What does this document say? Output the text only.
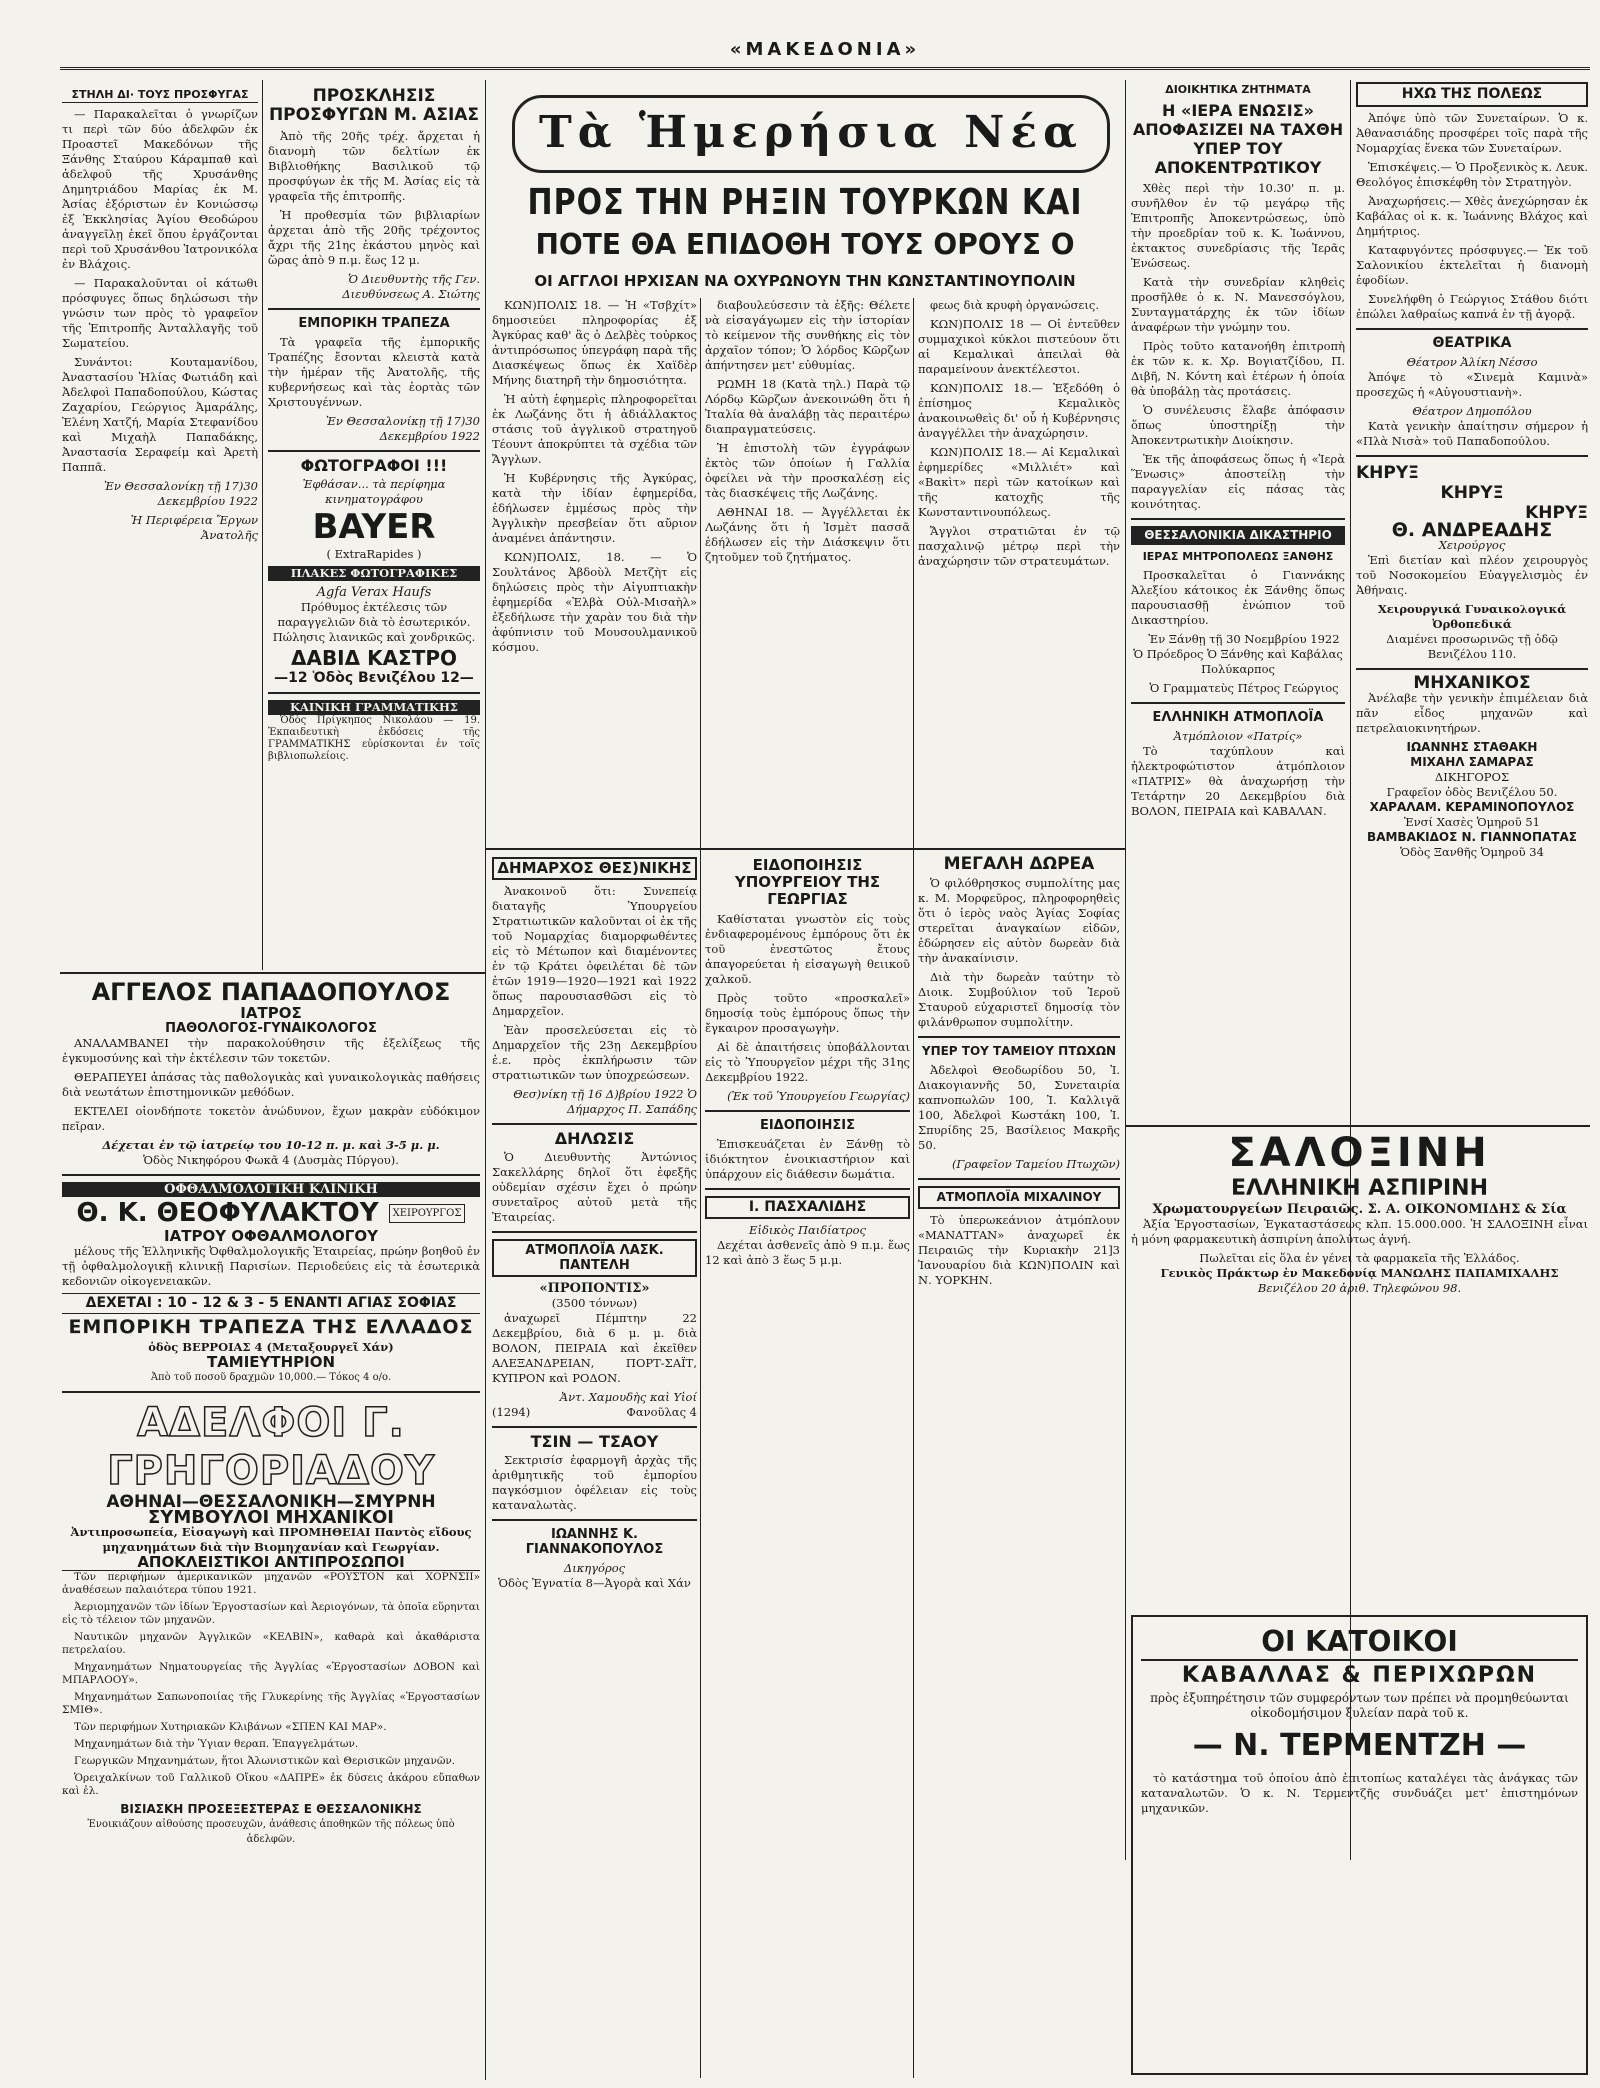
«ΜΑΚΕΔΟΝΙΑ»
ΣΤΗΛΗ ΔΙ· ΤΟΥΣ ΠΡΟΣΦΥΓΑΣ

— Παρακαλεῖται ὁ γνωρίζων τι περὶ τῶν δύο ἀδελφῶν ἐκ Προαστεῖ Μακεδόνων τῆς Ξάνθης Σταύρου Κάραμπαθ καὶ ἀδελφοῦ τῆς Χρυσάνθης Δημητριάδου Μαρίας ἐκ Μ. Ἀσίας ἐξόριστων ἐν Κονιώσσῳ ἐξ Ἐκκλησίας Ἀγίου Θεοδώρου ἀναγγεῖλῃ ἐκεῖ ὅπου ἐργάζονται περὶ τοῦ Χρυσάνθου Ἰατρονικόλα ἐν Βλάχοις.

— Παρακαλοῦνται οἱ κάτωθι πρόσφυγες ὅπως δηλώσωσι τὴν γνώσιν των πρὸς τὸ γραφεῖον τῆς Ἐπιτροπῆς Ἀνταλλαγῆς τοῦ Σωματείου.

Συνάντοι: Κουταμανίδου, Ἀναστασίου Ἠλίας Φωτιάδη καὶ Ἀδελφοὶ Παπαδοπούλου, Κώστας Ζαχαρίου, Γεώργιος Ἀμαράλης, Ἐλένη Χατζή, Μαρία Στεφανίδου καὶ Μιχαὴλ Παπαδάκης, Ἀναστασία Σεραφείμ καὶ Ἀρετὴ Παππᾶ.

Ἐν Θεσσαλονίκῃ τῇ 17)30 Δεκεμβρίου 1922

Ἡ Περιφέρεια Ἔργων Ἀνατολῆς

ΠΡΟΣΚΛΗΣΙΣ ΠΡΟΣΦΥΓΩΝ Μ. ΑΣΙΑΣ

Ἀπὸ τῆς 20ῆς τρέχ. ἄρχεται ἡ διανομὴ τῶν δελτίων ἐκ Βιβλιοθήκης Βασιλικοῦ τῷ προσφύγων ἐκ τῆς Μ. Ἀσίας εἰς τὰ γραφεῖα τῆς ἐπιτροπῆς.

Ἡ προθεσμία τῶν βιβλιαρίων ἀρχεται ἀπὸ τῆς 20ῆς τρέχοντος ἄχρι τῆς 21ης ἐκάστου μηνὸς καὶ ὥρας ἀπὸ 9 π.μ. ἕως 12 μ.

Ὁ Διευθυντὴς τῆς Γεν. Διευθύνσεως Α. Σιώτης

ΕΜΠΟΡΙΚΗ ΤΡΑΠΕΖΑ

Τὰ γραφεῖα τῆς ἐμπορικῆς Τραπέζης ἔσονται κλειστὰ κατὰ τὴν ἡμέραν τῆς Ἀνατολῆς, τῆς κυβερνήσεως καὶ τὰς ἑορτὰς τῶν Χριστουγέννων.

Ἐν Θεσσαλονίκῃ τῇ 17)30 Δεκεμβρίου 1922

ΦΩΤΟΓΡΑΦΟΙ !!!
Ἐφθάσαν... τὰ περίφημα κινηματογράφου
BAYER
( ExtraRapides )
ΠΛΑΚΕΣ ΦΩΤΟΓΡΑΦΙΚΕΣ
Agfa Verax Haufs
Πρόθυμος ἐκτέλεσις τῶν παραγγελιῶν διὰ τὸ ἐσωτερικόν. Πώλησις λιανικῶς καὶ χονδρικῶς.
ΔΑΒΙΔ ΚΑΣΤΡΟ
—12 Ὁδὸς Βενιζέλου 12—
ΚΑΙΝΙΚΗ ΓΡΑΜΜΑΤΙΚΗΣ

Ὁδὸς Πρίγκηπος Νικολάου — 19. Ἐκπαιδευτικὴ ἐκδόσεις τῆς ΓΡΑΜΜΑΤΙΚΗΣ εὑρίσκονται ἐν τοῖς βιβλιοπωλείοις.

Τὰ Ἡμερήσια Νέα
ΠΡΟΣ ΤΗΝ ΡΗΞΙΝ ΤΟΥΡΚΩΝ ΚΑΙ
ΠΟΤΕ ΘΑ ΕΠΙΔΟΘΗ ΤΟΥΣ ΟΡΟΥΣ Ο
ΟΙ ΑΓΓΛΟΙ ΗΡΧΙΣΑΝ ΝΑ ΟΧΥΡΩΝΟΥΝ ΤΗΝ ΚΩΝΣΤΑΝΤΙΝΟΥΠΟΛΙΝ

ΚΩΝ)ΠΟΛΙΣ 18. — Ἡ «Τσβχίτ» δημοσιεύει πληροφορίας ἐξ Ἀγκύρας καθ' ἃς ὁ Δελβὲς τοὐρκος ἀντιπρόσωπος ὑπεγράφη παρὰ τῆς Διασκέψεως ὅπως ἐκ Χαϊδὲρ Μήνης διατηρῆ τὴν δημοσιότητα.

Ἡ αὐτὴ ἐφημερὶς πληροφορεῖται ἐκ Λωζάνης ὅτι ἡ ἀδιάλλακτος στάσις τοῦ ἀγγλικοῦ στρατηγοῦ Τέουντ ἀποκρύπτει τὰ σχέδια τῶν Ἄγγλων.

Ἡ Κυβέρνησις τῆς Ἀγκύρας, κατὰ τὴν ἰδίαν ἐφημερίδα, ἐδήλωσεν ἐμμέσως πρὸς τὴν Ἀγγλικὴν πρεσβείαν ὅτι αὔριον ἀναμένει ἀπάντησιν.

ΚΩΝ)ΠΟΛΙΣ, 18. — Ὁ Σουλτάνος Ἀβδοὺλ Μετζὴτ εἰς δηλώσεις πρὸς τὴν Αἰγυπτιακὴν ἐφημερίδα «Ἐλβὰ Οὐλ-Μισαὴλ» ἐξεδήλωσε τὴν χαρὰν του διὰ τὴν ἀφύπνισιν τοῦ Μουσουλμανικοῦ κόσμου.

διαβουλεύσεσιν τὰ ἑξῆς: Θέλετε νὰ εἰσαγάγωμεν εἰς τὴν ἱστορίαν τὸ κείμενον τῆς συνθήκης εἰς τὸν ἀρχαῖον τόπον; Ὁ λόρδος Κῶρζων ἀπήντησεν μετ' εὐθυμίας.

ΡΩΜΗ 18 (Κατὰ τηλ.) Παρὰ τῷ Λόρδῳ Κῶρζων ἀνεκοινώθη ὅτι ἡ Ἰταλία θὰ ἀναλάβῃ τὰς περαιτέρω διαπραγματεύσεις.

Ἡ ἐπιστολὴ τῶν ἐγγράφων ἐκτὸς τῶν ὁποίων ἡ Γαλλία ὀφείλει νὰ τὴν προσκαλέσῃ εἰς τὰς διασκέψεις τῆς Λωζάνης.

ΑΘΗΝΑΙ 18. — Ἀγγέλλεται ἐκ Λωζάνης ὅτι ἡ Ἰσμὲτ πασσᾶ ἐδήλωσεν εἰς τὴν Διάσκεψιν ὅτι ζητοῦμεν τοῦ ζητήματος.

φεως διὰ κρυφὴ ὀργανώσεις.

ΚΩΝ)ΠΟΛΙΣ 18 — Οἱ ἐντεῦθεν συμμαχικοὶ κύκλοι πιστεύουν ὅτι αἱ Κεμαλικαὶ ἀπειλαὶ θὰ παραμείνουν ἀνεκτέλεστοι.

ΚΩΝ)ΠΟΛΙΣ 18.— Ἐξεδόθη ὁ ἐπίσημος Κεμαλικὸς ἀνακοινωθεὶς δι' οὗ ἡ Κυβέρνησις ἀναγγέλλει τὴν ἀναχώρησιν.

ΚΩΝ)ΠΟΛΙΣ 18.— Αἱ Κεμαλικαὶ ἐφημερίδες «Μιλλιέτ» καὶ «Βακὶτ» περὶ τῶν κατοίκων καὶ τῆς κατοχῆς τῆς Κωνσταντινουπόλεως.

Ἄγγλοι στρατιῶται ἐν τῷ πασχαλινῷ μέτρῳ περὶ τὴν ἀναχώρησιν τῶν στρατευμάτων.

ΔΗΜΑΡΧΟΣ ΘΕΣ)ΝΙΚΗΣ

Ἀνακοινοῦ ὅτι: Συνεπείᾳ διαταγῆς Ὑπουργείου Στρατιωτικῶν καλοῦνται οἱ ἐκ τῆς τοῦ Νομαρχίας διαμορφωθέντες εἰς τὸ Μέτωπον καὶ διαμένοντες ἐν τῷ Κράτει ὀφειλέται δὲ τῶν ἐτῶν 1919—1920—1921 καὶ 1922 ὅπως παρουσιασθῶσι εἰς τὸ Δημαρχεῖον.

Ἐὰν προσελεύσεται εἰς τὸ Δημαρχεῖον τῆς 23ῃ Δεκεμβρίου ἐ.ε. πρὸς ἐκπλήρωσιν τῶν στρατιωτικῶν των ὑποχρεώσεων.

Θεσ)νίκη τῇ 16 Δ)βρίου 1922 Ὁ Δήμαρχος Π. Σαπάδης

ΔΗΛΩΣΙΣ

Ὁ Διευθυντὴς Ἀντώνιος Σακελλάρης δηλοῖ ὅτι ἐφεξῆς οὐδεμίαν σχέσιν ἔχει ὁ πρώην συνεταῖρος αὐτοῦ μετὰ τῆς Ἑταιρείας.

ΑΤΜΟΠΛΟΪΑ ΛΑΣΚ. ΠΑΝΤΕΛΗ
«ΠΡΟΠΟΝΤΙΣ»
(3500 τόννων)

ἀναχωρεῖ Πέμπτην 22 Δεκεμβρίου, διὰ 6 μ. μ. διὰ ΒΟΛΟΝ, ΠΕΙΡΑΙΑ καὶ ἐκεῖθεν ΑΛΕΞΑΝΔΡΕΙΑΝ, ΠΟΡΤ-ΣΑΪΤ, ΚΥΠΡΟΝ καὶ ΡΟΔΟΝ.

Ἀντ. Χαμουδὴς καὶ Υἱοί
(1294)	Φανοῦλας 4
ΤΣΙΝ — ΤΣΑΟΥ

Σεκτρισίσ ἐφαρμογῆ ἀρχὰς τῆς ἀριθμητικῆς τοῦ ἐμπορίου παγκόσμιον ὀφέλειαν εἰς τοὺς καταναλωτὰς.

ΙΩΑΝΝΗΣ Κ. ΓΙΑΝΝΑΚΟΠΟΥΛΟΣ
Δικηγόρος
Ὁδὸς Ἐγνατία 8—Ἀγορὰ καὶ Χάν
ΕΙΔΟΠΟΙΗΣΙΣ ΥΠΟΥΡΓΕΙΟΥ ΤΗΣ ΓΕΩΡΓΙΑΣ

Καθίσταται γνωστὸν εἰς τοὺς ἐνδιαφερομένους ἐμπόρους ὅτι ἐκ τοῦ ἐνεστῶτος ἔτους ἀπαγορεύεται ἡ εἰσαγωγὴ θειικοῦ χαλκοῦ.

Πρὸς τοῦτο «προσκαλεῖ» δημοσίᾳ τοὺς ἐμπόρους ὅπως τὴν ἔγκαιρον προσαγωγὴν.

Αἱ δὲ ἀπαιτήσεις ὑποβάλλονται εἰς τὸ Ὑπουργεῖον μέχρι τῆς 31ης Δεκεμβρίου 1922.

(Ἐκ τοῦ Ὑπουργείου Γεωργίας)

ΕΙΔΟΠΟΙΗΣΙΣ

Ἐπισκευάζεται ἐν Ξάνθῃ τὸ ἰδιόκτητον ἐνοικιαστήριον καὶ ὑπάρχουν εἰς διάθεσιν δωμάτια.

Ι. ΠΑΣΧΑΛΙΔΗΣ
Εἰδικὸς Παιδίατρος

Δεχέται ἀσθενεῖς ἀπὸ 9 π.μ. ἕως 12 καὶ ἀπὸ 3 ἕως 5 μ.μ.

ΜΕΓΑΛΗ ΔΩΡΕΑ

Ὁ φιλόθρησκος συμπολίτης μας κ. Μ. Μορφεῦρος, πληροφορηθεὶς ὅτι ὁ ἱερὸς ναὸς Ἁγίας Σοφίας στερεῖται ἀναγκαίων εἰδῶν, ἐδώρησεν εἰς αὐτὸν δωρεὰν διὰ τὴν ἀνακαίνισιν.

Διὰ τὴν δωρεὰν ταύτην τὸ Διοικ. Συμβούλιον τοῦ Ἱεροῦ Σταυροῦ εὐχαριστεῖ δημοσίᾳ τὸν φιλάνθρωπον συμπολίτην.

ΥΠΕΡ ΤΟΥ ΤΑΜΕΙΟΥ ΠΤΩΧΩΝ

Ἀδελφοὶ Θεοδωρίδου 50, Ἰ. Διακογιαννῆς 50, Συνεταιρία καπνοπωλῶν 100, Ἰ. Καλλιγᾶ 100, Ἀδελφοὶ Κωστάκη 100, Ἰ. Σπυρίδης 25, Βασίλειος Μακρῆς 50.

(Γραφεῖον Ταμείου Πτωχῶν)

ΑΤΜΟΠΛΟΪΑ ΜΙΧΑΛΙΝΟΥ

Τὸ ὑπερωκεάνιον ἀτμόπλουν «ΜΑΝΑΤΤΑΝ» ἀναχωρεῖ ἐκ Πειραιῶς τὴν Κυριακὴν 21]3 Ἰανουαρίου διὰ ΚΩΝ)ΠΟΛΙΝ καὶ Ν. ΥΟΡΚΗΝ.

ΑΓΓΕΛΟΣ ΠΑΠΑΔΟΠΟΥΛΟΣ
ΙΑΤΡΟΣ
ΠΑΘΟΛΟΓΟΣ-ΓΥΝΑΙΚΟΛΟΓΟΣ

ΑΝΑΛΑΜΒΑΝΕΙ τὴν παρακολούθησιν τῆς ἐξελίξεως τῆς ἐγκυμοσύνης καὶ τὴν ἐκτέλεσιν τῶν τοκετῶν.

ΘΕΡΑΠΕΥΕΙ ἁπάσας τὰς παθολογικὰς καὶ γυναικολογικὰς παθήσεις διὰ νεωτάτων ἐπιστημονικῶν μεθόδων.

ΕΚΤΕΛΕΙ οἱονδήποτε τοκετὸν ἀνώδυνον, ἔχων μακρὰν εὐδόκιμον πεῖραν.

Δέχεται ἐν τῷ ἰατρείῳ του 10-12 π. μ. καὶ 3-5 μ. μ.
Ὁδὸς Νικηφόρου Φωκᾶ 4 (Δυσμὰς Πύργου).
ΟΦΘΑΛΜΟΛΟΓΙΚΗ ΚΛΙΝΙΚΗ
Θ. Κ. ΘΕΟΦΥΛΑΚΤΟΥ	ΧΕΙΡΟΥΡΓΟΣ
ΙΑΤΡΟΥ ΟΦΘΑΛΜΟΛΟΓΟΥ

μέλους τῆς Ἑλληνικῆς Ὀφθαλμολογικῆς Ἑταιρείας, πρώην βοηθοῦ ἐν τῇ ὀφθαλμολογικῇ κλινικῇ Παρισίων. Περιοδεύεις εἰς τὰ ἐσωτερικὰ κεδονιῶν οἰκογενειακῶν.

ΔΕΧΕΤΑΙ : 10 - 12 & 3 - 5 ΕΝΑΝΤΙ ΑΓΙΑΣ ΣΟΦΙΑΣ
ΕΜΠΟΡΙΚΗ ΤΡΑΠΕΖΑ ΤΗΣ ΕΛΛΑΔΟΣ
ὁδὸς ΒΕΡΡΟΙΑΣ 4 (Μεταξουργεῖ Χάν)
ΤΑΜΙΕΥΤΗΡΙΟΝ
Ἀπὸ τοῦ ποσοῦ δραχμῶν 10,000.— Τόκος 4 ο/ο.
ΑΔΕΛΦΟΙ Γ. ΓΡΗΓΟΡΙΑΔΟΥ
ΑΘΗΝΑΙ—ΘΕΣΣΑΛΟΝΙΚΗ—ΣΜΥΡΝΗ
ΣΥΜΒΟΥΛΟΙ ΜΗΧΑΝΙΚΟΙ
Ἀντιπροσωπεία, Εἰσαγωγὴ καὶ ΠΡΟΜΗΘΕΙΑΙ Παντὸς εἴδους μηχανημάτων διὰ τὴν Βιομηχανίαν καὶ Γεωργίαν.
ΑΠΟΚΛΕΙΣΤΙΚΟΙ ΑΝΤΙΠΡΟΣΩΠΟΙ

Τῶν περιφήμων ἀμερικανικῶν μηχανῶν «ΡΟΥΣΤΟΝ καὶ ΧΟΡΝΣΙΙ» ἀναθέσεων παλαιότερα τύπου 1921.

Ἀεριομηχανῶν τῶν ἰδίων Ἐργοστασίων καὶ Ἀεριογόνων, τὰ ὁποῖα εὕρηνται εἰς τὸ τέλειον τῶν μηχανῶν.

Ναυτικῶν μηχανῶν Ἀγγλικῶν «ΚΕΛΒΙΝ», καθαρὰ καὶ ἀκαθάριστα πετρελαίου.

Μηχανημάτων Νηματουργείας τῆς Ἀγγλίας «Ἐργοστασίων ΔΟΒΟΝ καὶ ΜΠΑΡΛΟΟΥ».

Μηχανημάτων Σαπωνοποιίας τῆς Γλυκερίνης τῆς Ἀγγλίας «Ἐργοστασίων ΣΜΙΘ».

Τῶν περιφήμων Χυτηριακῶν Κλιβάνων «ΣΠΕΝ ΚΑΙ ΜΑΡ».

Μηχανημάτων διὰ τὴν Ὑγιαν θεραπ. Ἐπαγγελμάτων.

Γεωργικῶν Μηχανημάτων, ἤτοι Ἀλωνιστικῶν καὶ Θερισικῶν μηχανῶν.

Ὁρειχαλκίνων τοῦ Γαλλικοῦ Οἴκου «ΔΑΠΡΕ» ἐκ δύσεις ἀκάρου εὔπαθων καὶ ἐλ.

ΒΙΣΙΑΣΚΗ ΠΡΟΣΕΞΕΣΤΕΡΑΣ Ε ΘΕΣΣΑΛΟΝΙΚΗΣ
Ἐνοικιάζουν αἰθούσης προσευχῶν, ἀνάθεσις ἀποθηκῶν τῆς πόλεως ὑπὸ ἀδελφῶν.
ΔΙΟΙΚΗΤΙΚΑ ΖΗΤΗΜΑΤΑ
Η «ΙΕΡΑ ΕΝΩΣΙΣ» ΑΠΟΦΑΣΙΖΕΙ ΝΑ ΤΑΧΘΗ ΥΠΕΡ ΤΟΥ ΑΠΟΚΕΝΤΡΩΤΙΚΟΥ

Χθὲς περὶ τὴν 10.30' π. μ. συνῆλθον ἐν τῷ μεγάρῳ τῆς Ἐπιτροπῆς Ἀποκεντρώσεως, ὑπὸ τὴν προεδρίαν τοῦ κ. Κ. Ἰωάννου, ἐκτακτος συνεδρίασις τῆς Ἱερᾶς Ἑνώσεως.

Κατὰ τὴν συνεδρίαν κληθεὶς προσῆλθε ὁ κ. Ν. Μανεσσόγλου, Συνταγματάρχης ἐκ τῶν ἰδίων ἀναφέρων τὴν γνώμην του.

Πρὸς τοῦτο κατανοήθη ἐπιτροπὴ ἐκ τῶν κ. κ. Χρ. Βογιατζίδου, Π. Διβῆ, Ν. Κόντη καὶ ἑτέρων ἡ ὁποία θὰ ὑποβάλῃ τὰς προτάσεις.

Ὁ συνέλευσις ἔλαβε ἀπόφασιν ὅπως ὑποστηρίξῃ τὴν Ἀποκεντρωτικὴν Διοίκησιν.

Ἐκ τῆς ἀποφάσεως ὅπως ἡ «Ἱερὰ Ἕνωσις» ἀποστείλῃ τὴν παραγγελίαν εἰς πάσας τὰς κοινότητας.

ΘΕΣΣΑΛΟΝΙΚΙΑ ΔΙΚΑΣΤΗΡΙΟ
ΙΕΡΑΣ ΜΗΤΡΟΠΟΛΕΩΣ ΞΑΝΘΗΣ

Προσκαλεῖται ὁ Γιαννάκης Ἀλεξίου κάτοικος ἐκ Ξάνθης ὅπως παρουσιασθῇ ἐνώπιον τοῦ Δικαστηρίου.

Ἐν Ξάνθῃ τῇ 30 Νοεμβρίου 1922 Ὁ Πρόεδρος Ὁ Ξάνθης καὶ Καβάλας Πολύκαρπος

Ὁ Γραμματεὺς Πέτρος Γεώργιος

ΕΛΛΗΝΙΚΗ ΑΤΜΟΠΛΟΪΑ
Ἀτμόπλοιον «Πατρίς»

Τὸ ταχύπλουν καὶ ἠλεκτροφώτιστον ἀτμόπλοιον «ΠΑΤΡΙΣ» θὰ ἀναχωρήσῃ τὴν Τετάρτην 20 Δεκεμβρίου διὰ ΒΟΛΟΝ, ΠΕΙΡΑΙΑ καὶ ΚΑΒΑΛΑΝ.

ΗΧΩ ΤΗΣ ΠΟΛΕΩΣ

Ἀπόψε ὑπὸ τῶν Συνεταίρων. Ὁ κ. Ἀθανασιάδης προσφέρει τοῖς παρὰ τῆς Νομαρχίας ἕνεκα τῶν Συνεταίρων.

Ἑπισκέψεις.— Ὁ Προξενικὸς κ. Λευκ. Θεολόγος ἐπισκέφθη τὸν Στρατηγὸν.

Ἀναχωρήσεις.— Χθὲς ἀνεχώρησαν ἐκ Καβάλας οἱ κ. κ. Ἰωάννης Βλάχος καὶ Δημήτριος.

Καταφυγόντες πρόσφυγες.— Ἐκ τοῦ Σαλονικίου ἐκτελεῖται ἡ διανομὴ ἐφοδίων.

Συνελήφθη ὁ Γεώργιος Στάθου διότι ἐπώλει λαθραίως καπνά ἐν τῇ ἀγορᾷ.

ΘΕΑΤΡΙΚΑ
Θέατρον Ἀλίκη Νέσσο

Ἀπόψε τὸ «Σινεμὰ Καμινὰ» προσεχῶς ἡ «Αὐγουστιανὴ».

Θέατρον Δημοπόλου

Κατὰ γενικὴν ἀπαίτησιν σήμερον ἡ «Πλὰ Νισὰ» τοῦ Παπαδοπούλου.

ΚΗΡΥΞ
ΚΗΡΥΞ
ΚΗΡΥΞ
Θ. ΑΝΔΡΕΑΔΗΣ
Χειρούργος

Ἐπὶ διετίαν καὶ πλέον χειρουργὸς τοῦ Νοσοκομείου Εὐαγγελισμὸς ἐν Ἀθήναις.

Χειρουργικά Γυναικολογικά Ὀρθοπεδικά
Διαμένει προσωρινῶς τῇ ὁδῷ Βενιζέλου 110.
ΜΗΧΑΝΙΚΟΣ

Ἀνέλαβε τὴν γενικὴν ἐπιμέλειαν διὰ πᾶν εἶδος μηχανῶν καὶ πετρελαιοκινητήρων.

ΙΩΑΝΝΗΣ ΣΤΑΘΑΚΗ
ΜΙΧΑΗΛ ΣΑΜΑΡΑΣ
ΔΙΚΗΓΟΡΟΣ
Γραφεῖον ὁδὸς Βενιζέλου 50.
ΧΑΡΑΛΑΜ. ΚΕΡΑΜΙΝΟΠΟΥΛΟΣ
Ἑνσί Χασὲς Ὁμηροῦ 51
ΒΑΜΒΑΚΙΔΟΣ Ν. ΓΙΑΝΝΟΠΑΤΑΣ
Ὁδὸς Ξανθῆς Ὁμηροῦ 34
ΣΑΛΟΞΙΝΗ
ΕΛΛΗΝΙΚΗ ΑΣΠΙΡΙΝΗ
Χρωματουργείων Πειραιῶς. Σ. Α. ΟΙΚΟΝΟΜΙΔΗΣ & Σία

Ἀξία Ἐργοστασίων, Ἐγκαταστάσεως κλπ. 15.000.000. Ἡ ΣΑΛΟΞΙΝΗ εἶναι ἡ μόνη φαρμακευτικὴ ἀσπιρίνη ἀπολύτως ἁγνή.

Πωλεῖται εἰς ὅλα ἐν γένει τὰ φαρμακεῖα τῆς Ἑλλάδος.
Γενικὸς Πράκτωρ ἐν Μακεδονίᾳ ΜΑΝΩΛΗΣ ΠΑΠΑΜΙΧΑΛΗΣ
Βενιζέλου 20 ἀριθ. Τηλεφώνου 98.
ΟΙ ΚΑΤΟΙΚΟΙ
ΚΑΒΑΛΛΑΣ & ΠΕΡΙΧΩΡΩΝ
πρὸς ἐξυπηρέτησιν τῶν συμφερόντων των πρέπει νὰ προμηθεύωνται οἰκοδομήσιμον ξυλείαν παρὰ τοῦ κ.
— Ν. ΤΕΡΜΕΝΤΖΗ —

τὸ κατάστημα τοῦ ὁποίου ἀπὸ ἐπιτοπίως καταλέγει τὰς ἀνάγκας τῶν καταναλωτῶν. Ὁ κ. Ν. Τερμεντζῆς συνδυάζει μετ' ἐπιστημόνων μηχανικῶν.
